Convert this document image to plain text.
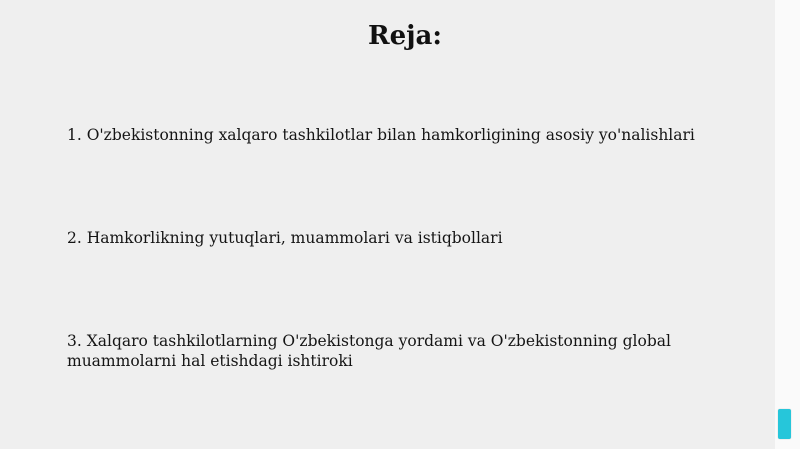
Reja:
1. O'zbekistonning xalqaro tashkilotlar bilan hamkorligining asosiy yo'nalishlari
2. Hamkorlikning yutuqlari, muammolari va istiqbollari
3. Xalqaro tashkilotlarning O'zbekistonga yordami va O'zbekistonning global muammolarni hal etishdagi ishtiroki
